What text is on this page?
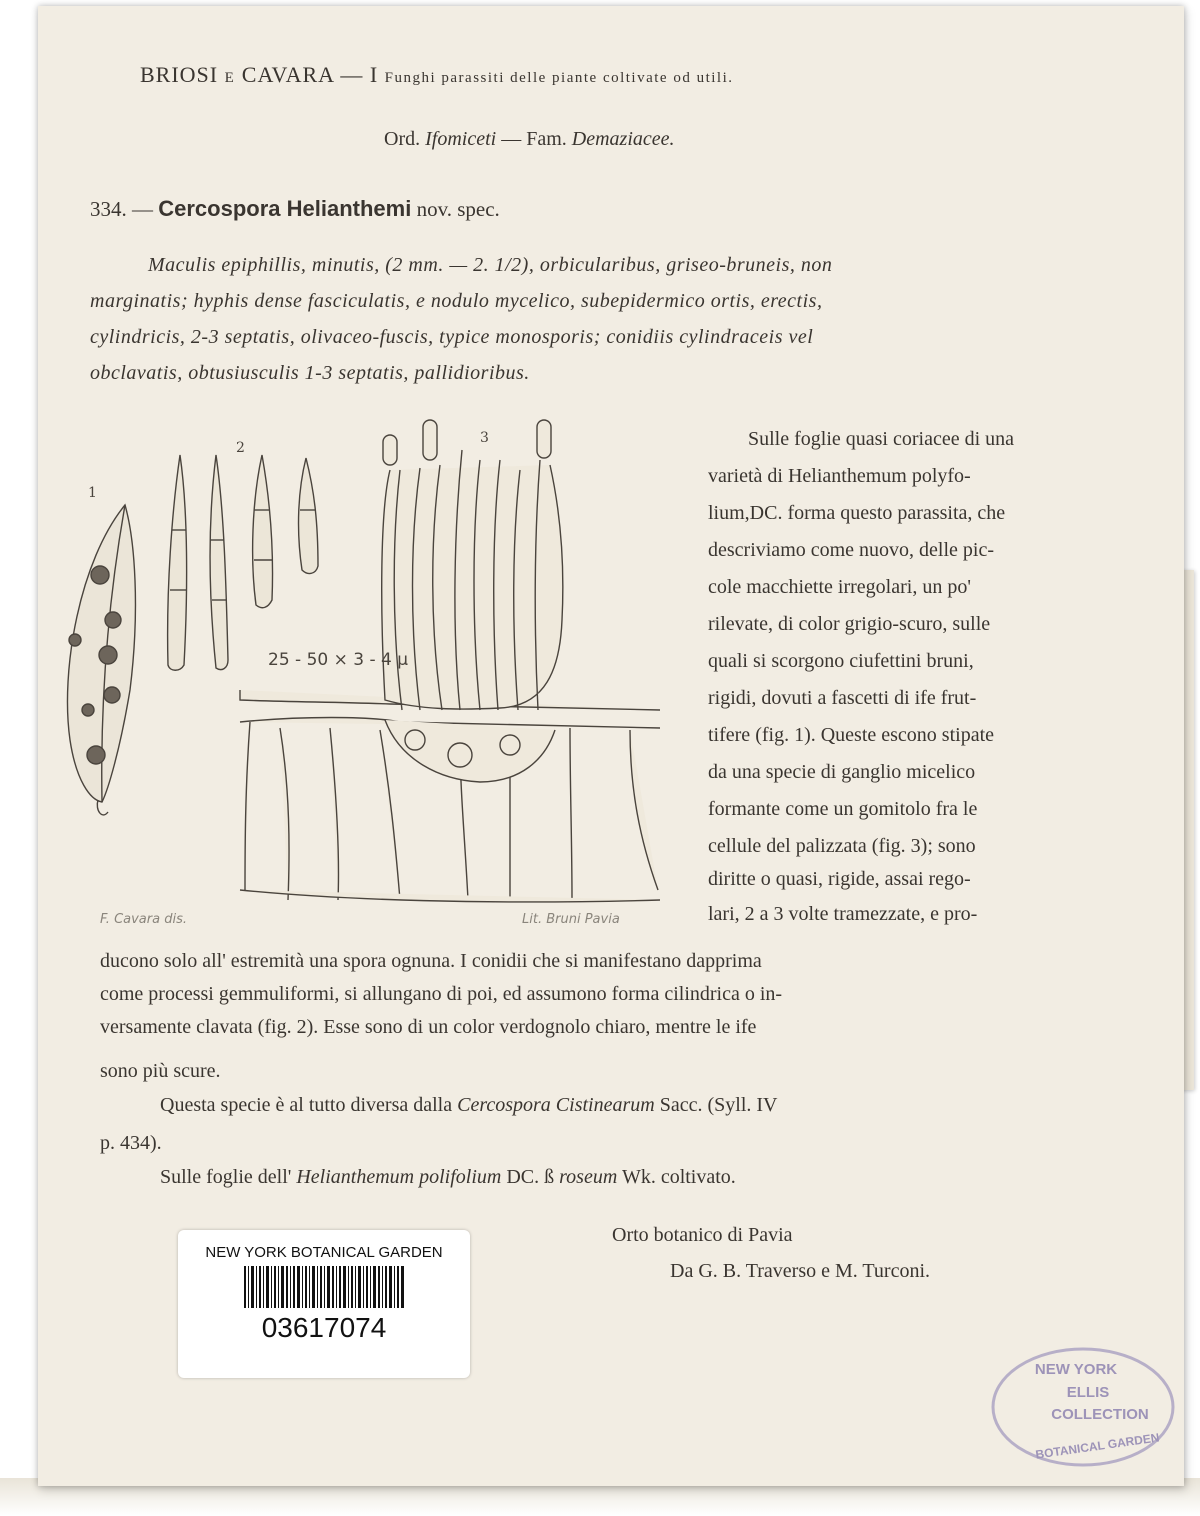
BRIOSI E CAVARA — I Funghi parassiti delle piante coltivate od utili.
Ord. Ifomiceti — Fam. Demaziacee.
334. — Cercospora Helianthemi nov. spec.
Maculis epiphillis, minutis, (2 mm. — 2. 1/2), orbicularibus, griseo-bruneis, non
marginatis; hyphis dense fasciculatis, e nodulo mycelico, subepidermico ortis, erectis,
cylindricis, 2-3 septatis, olivaceo-fuscis, typice monosporis; conidiis cylindraceis vel
obclavatis, obtusiusculis 1-3 septatis, pallidioribus.
1
2
3
25 - 50 × 3 - 4 μ
F. Cavara dis.	Lit. Bruni Pavia
Sulle foglie quasi coriacee di una
varietà di Helianthemum polyfo-
lium,DC. forma questo parassita, che
descriviamo come nuovo, delle pic-
cole macchiette irregolari, un po'
rilevate, di color grigio-scuro, sulle
quali si scorgono ciufettini bruni,
rigidi, dovuti a fascetti di ife frut-
tifere (fig. 1). Queste escono stipate
da una specie di ganglio micelico
formante come un gomitolo fra le
cellule del palizzata (fig. 3); sono
diritte o quasi, rigide, assai rego-
lari, 2 a 3 volte tramezzate, e pro-
ducono solo all' estremità una spora ognuna. I conidii che si manifestano dapprima
come processi gemmuliformi, si allungano di poi, ed assumono forma cilindrica o in-
versamente clavata (fig. 2). Esse sono di un color verdognolo chiaro, mentre le ife
sono più scure.
Questa specie è al tutto diversa dalla Cercospora Cistinearum Sacc. (Syll. IV
p. 434).
Sulle foglie dell' Helianthemum polifolium DC. ß roseum Wk. coltivato.
Orto botanico di Pavia
Da G. B. Traverso e M. Turconi.
NEW YORK BOTANICAL GARDEN
03617074
NEW YORK
ELLIS
COLLECTION
BOTANICAL GARDEN
